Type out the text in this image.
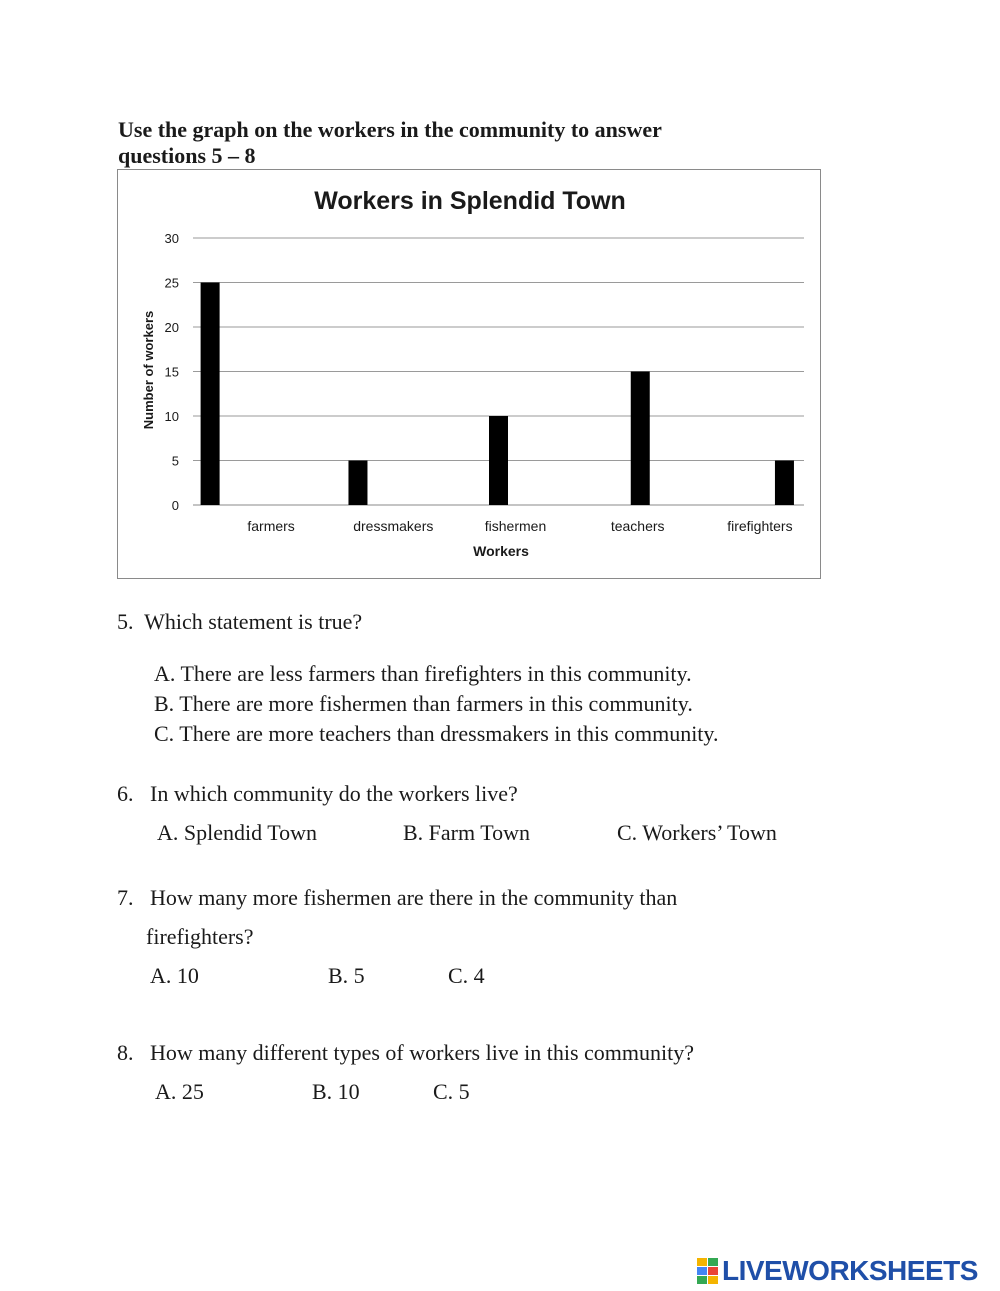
Use the graph on the workers in the community to answer
questions 5 – 8
Workers in Splendid Town
0
5
10
15
20
25
30
farmers	dressmakers	fishermen	teachers	firefighters
Workers
Number of workers
5. Which statement is true?
A. There are less farmers than firefighters in this community.
B. There are more fishermen than farmers in this community.
C. There are more teachers than dressmakers in this community.
6. In which community do the workers live?
A. Splendid Town	B. Farm Town	C. Workers’ Town
7. How many more fishermen are there in the community than
firefighters?
A. 10	B. 5	C. 4
8. How many different types of workers live in this community?
A. 25	B. 10	C. 5
LIVEWORKSHEETS
